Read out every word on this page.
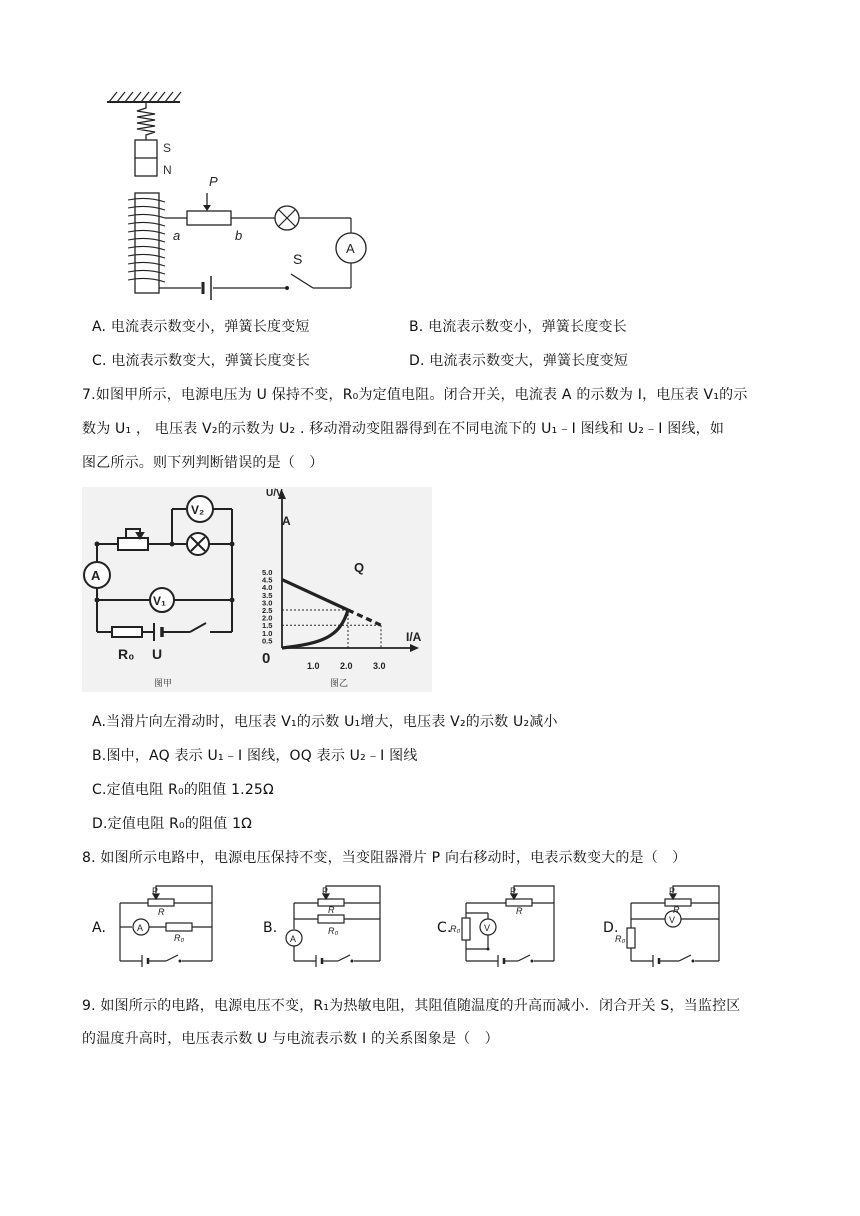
S
N
P
a	b
A
S
A. 电流表示数变小，弹簧长度变短	B. 电流表示数变小，弹簧长度变长
C. 电流表示数变大，弹簧长度变长	D. 电流表示数变大，弹簧长度变短
7.如图甲所示，电源电压为 U 保持不变，R₀为定值电阻。闭合开关，电流表 A 的示数为 I，电压表 V₁的示
数为 U₁ ， 电压表 V₂的示数为 U₂ . 移动滑动变阻器得到在不同电流下的 U₁﹣I 图线和 U₂﹣I 图线，如
图乙所示。则下列判断错误的是（　）
A
V₂
V₁
R₀ U
图甲
5.0
4.5
4.0
3.5
3.0
2.5
2.0
1.5
1.0
0.5
1.0 2.0 3.0
U/V
I/A
0
A
Q
图乙
A.当滑片向左滑动时，电压表 V₁的示数 U₁增大，电压表 V₂的示数 U₂减小
B.图中，AQ 表示 U₁﹣I 图线，OQ 表示 U₂﹣I 图线
C.定值电阻 R₀的阻值 1.25Ω
D.定值电阻 R₀的阻值 1Ω
8. 如图所示电路中，电源电压保持不变，当变阻器滑片 P 向右移动时，电表示数变大的是（　）
A.	B.	C.	D.
P
R
R₀
A
P
R
R₀
A
P
R
R₀	V
P
R
R₀
V
9. 如图所示的电路，电源电压不变，R₁为热敏电阻，其阻值随温度的升高而减小．闭合开关 S，当监控区
的温度升高时，电压表示数 U 与电流表示数 I 的关系图象是（　）
